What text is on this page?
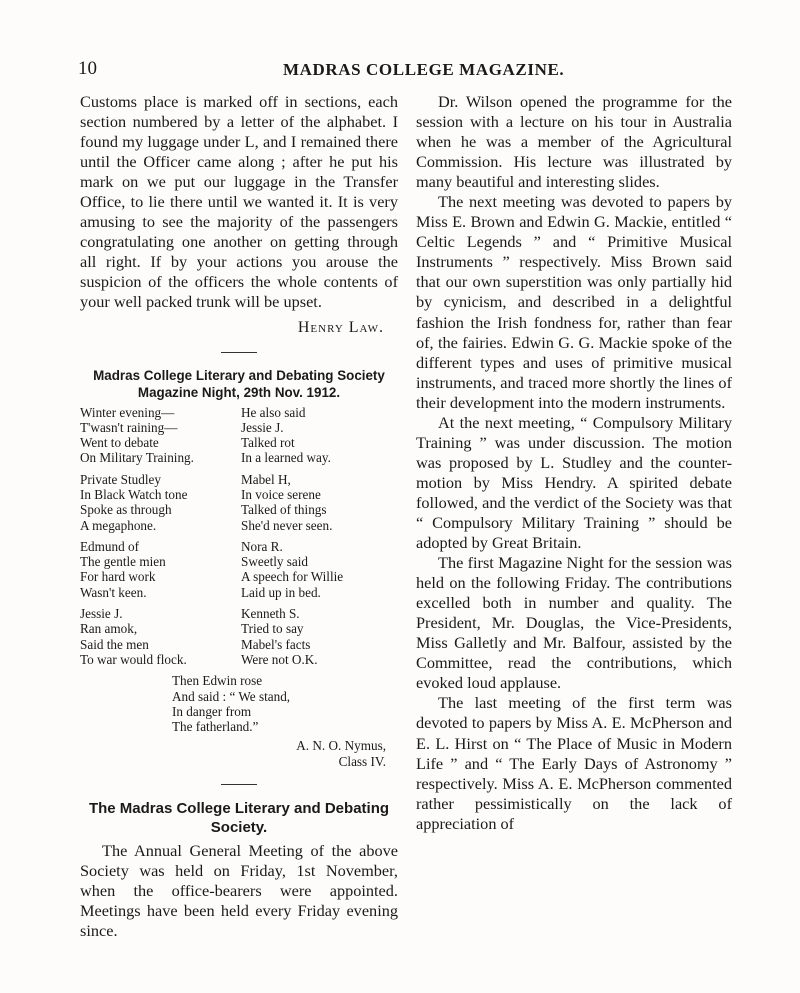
10	MADRAS COLLEGE MAGAZINE.

Customs place is marked off in sections, each section numbered by a letter of the alphabet. I found my luggage under L, and I remained there until the Officer came along ; after he put his mark on we put our luggage in the Transfer Office, to lie there until we wanted it. It is very amusing to see the majority of the passengers congratulating one another on getting through all right. If by your actions you arouse the suspicion of the officers the whole contents of your well packed trunk will be upset.

Henry Law.

Madras College Literary and Debating Society

Magazine Night, 29th Nov. 1912.

Winter evening—
T'wasn't raining—
Went to debate
On Military Training.
Private Studley
In Black Watch tone
Spoke as through
A megaphone.
Edmund of
The gentle mien
For hard work
Wasn't keen.
Jessie J.
Ran amok,
Said the men
To war would flock.
He also said
Jessie J.
Talked rot
In a learned way.
Mabel H,
In voice serene
Talked of things
She'd never seen.
Nora R.
Sweetly said
A speech for Willie
Laid up in bed.
Kenneth S.
Tried to say
Mabel's facts
Were not O.K.
Then Edwin rose
And said : “ We stand,
In danger from
The fatherland.”
A. N. O. Nymus,
Class IV.

The Madras College Literary and Debating
Society.

The Annual General Meeting of the above Society was held on Friday, 1st November, when the office-bearers were appointed. Meetings have been held every Friday evening since.

Dr. Wilson opened the programme for the session with a lecture on his tour in Australia when he was a member of the Agricultural Commission. His lecture was illustrated by many beautiful and interesting slides.

The next meeting was devoted to papers by Miss E. Brown and Edwin G. Mackie, entitled “ Celtic Legends ” and “ Primitive Musical Instruments ” respectively. Miss Brown said that our own superstition was only partially hid by cynicism, and described in a delightful fashion the Irish fondness for, rather than fear of, the fairies. Edwin G. G. Mackie spoke of the different types and uses of primitive musical instruments, and traced more shortly the lines of their development into the modern instruments.

At the next meeting, “ Compulsory Military Training ” was under discussion. The motion was proposed by L. Studley and the counter-motion by Miss Hendry. A spirited debate followed, and the verdict of the Society was that “ Compulsory Military Training ” should be adopted by Great Britain.

The first Magazine Night for the session was held on the following Friday. The contributions excelled both in number and quality. The President, Mr. Douglas, the Vice-Presidents, Miss Galletly and Mr. Balfour, assisted by the Committee, read the contributions, which evoked loud applause.

The last meeting of the first term was devoted to papers by Miss A. E. McPherson and E. L. Hirst on “ The Place of Music in Modern Life ” and “ The Early Days of Astronomy ” respectively. Miss A. E. McPherson commented rather pessimistically on the lack of appreciation of
